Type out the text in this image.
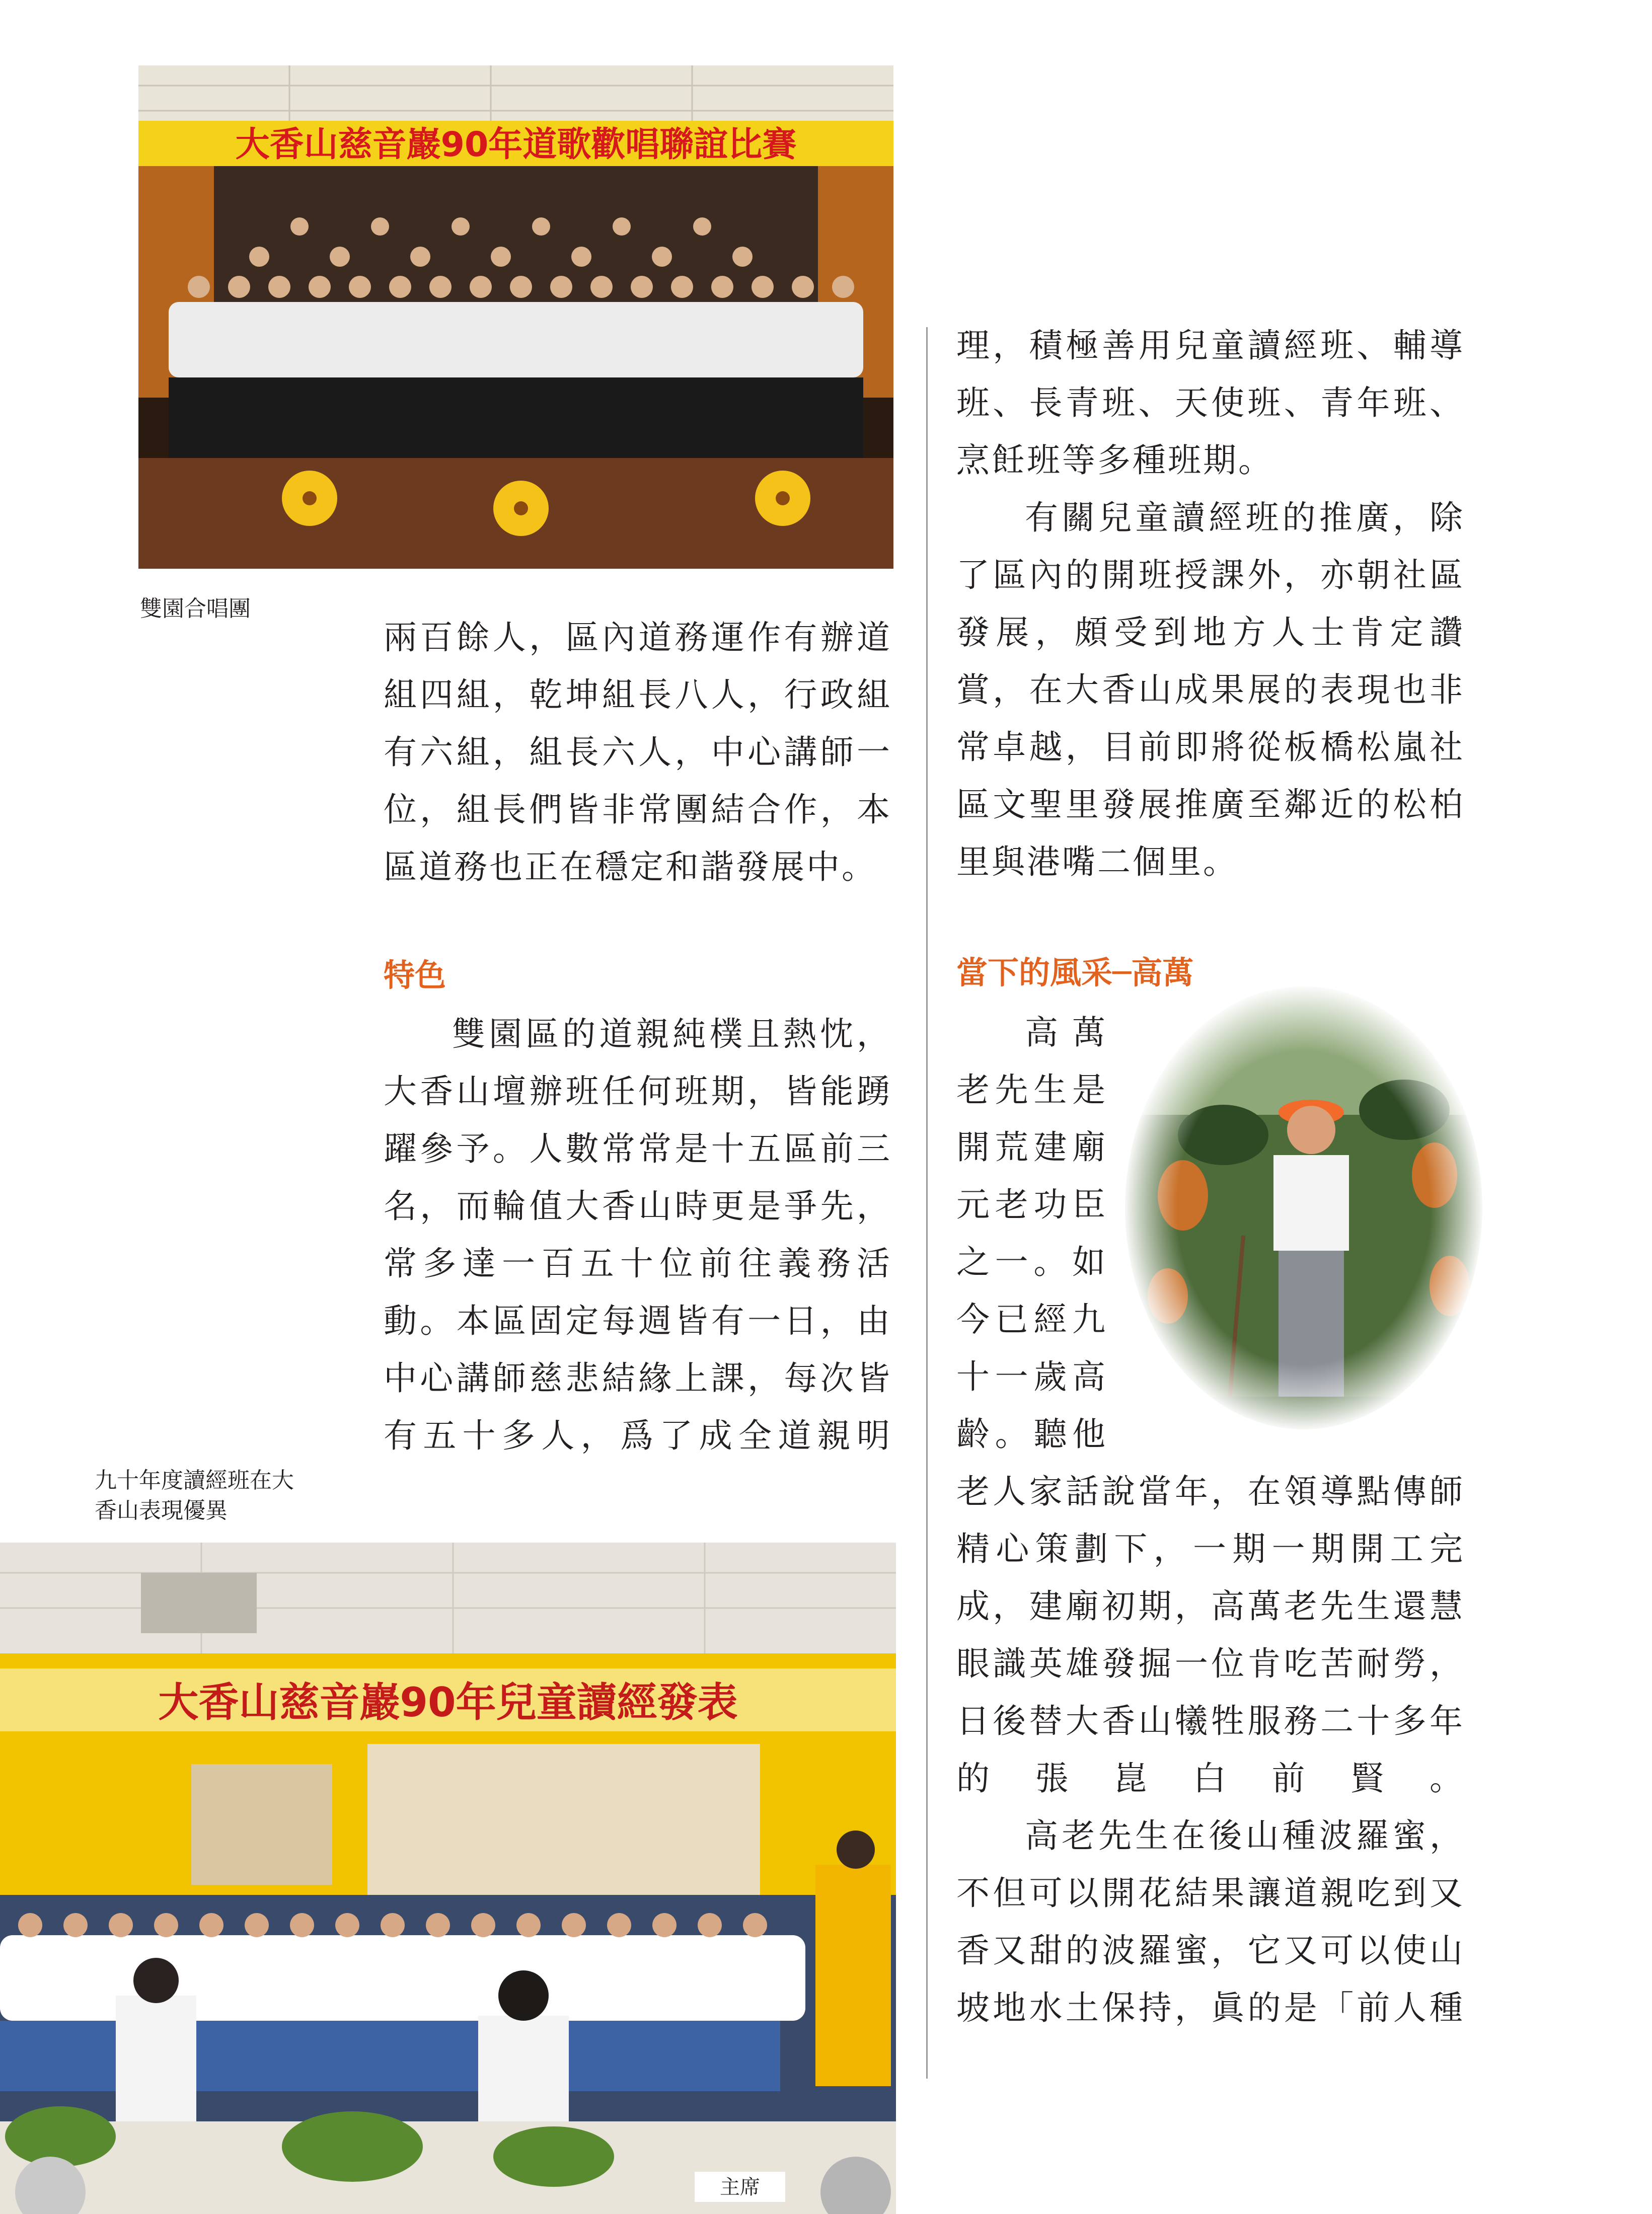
大香山慈音巖90年道歌歡唱聯誼比賽

雙園合唱團

兩百餘人，區內道務運作有辦道組四組，乾坤組長八人，行政組有六組，組長六人，中心講師一位，組長們皆非常團結合作，本區道務也正在穩定和諧發展中。

特色

雙園區的道親純樸且熱忱，大香山壇辦班任何班期，皆能踴躍參予。人數常常是十五區前三名，而輪值大香山時更是爭先，常多達一百五十位前往義務活動。本區固定每週皆有一日，由中心講師慈悲結緣上課，每次皆有五十多人，爲了成全道親明

九十年度讀經班在大

香山表現優異

大香山慈音巖90年兒童讀經發表
主席

理，積極善用兒童讀經班、輔導班、長青班、天使班、青年班、烹飪班等多種班期。

有關兒童讀經班的推廣，除了區內的開班授課外，亦朝社區發展，頗受到地方人士肯定讚賞，在大香山成果展的表現也非常卓越，目前即將從板橋松嵐社區文聖里發展推廣至鄰近的松柏里與港嘴二個里。

當下的風采─高萬

高萬老先生是開荒建廟元老功臣之一。如今已經九十一歲高齡。聽他老人家話說當年，在領導點傳師精心策劃下，一期一期開工完成，建廟初期，高萬老先生還慧眼識英雄發掘一位肯吃苦耐勞，日後替大香山犧牲服務二十多年的張崑白前賢。

高老先生在後山種波羅蜜，不但可以開花結果讓道親吃到又香又甜的波羅蜜，它又可以使山坡地水土保持，眞的是「前人種
